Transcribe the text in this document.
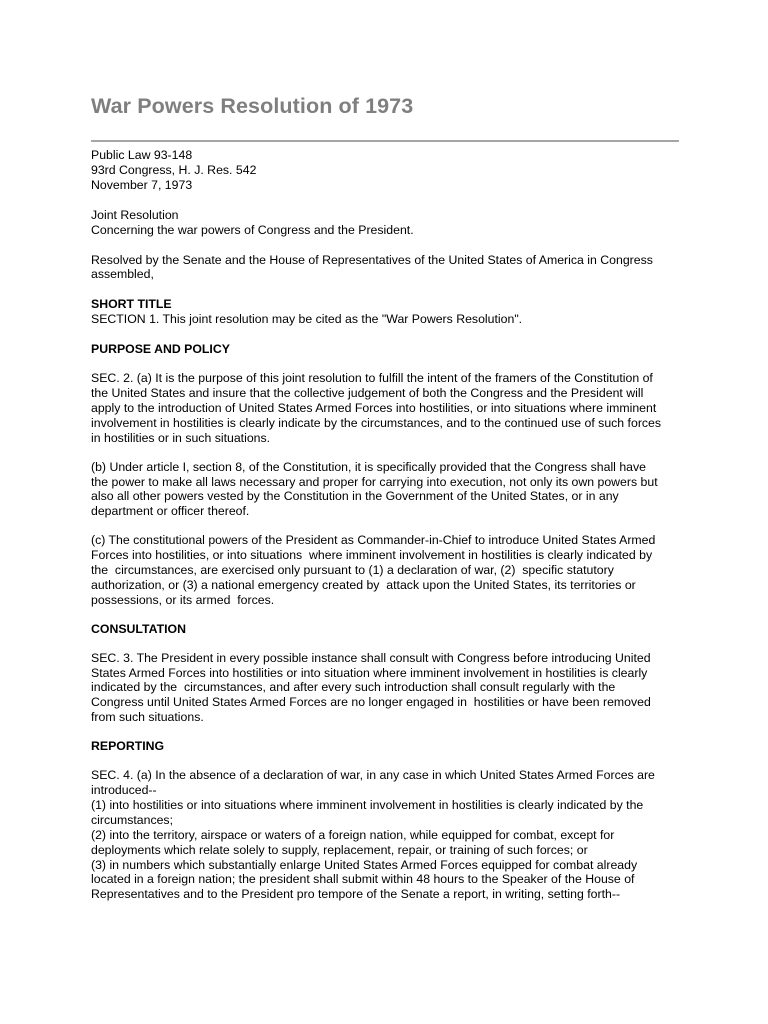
War Powers Resolution of 1973

Public Law 93-148
93rd Congress, H. J. Res. 542
November 7, 1973

Joint Resolution
Concerning the war powers of Congress and the President.

Resolved by the Senate and the House of Representatives of the United States of America in Congress
assembled,

SHORT TITLE

SECTION 1. This joint resolution may be cited as the "War Powers Resolution".

PURPOSE AND POLICY

SEC. 2. (a) It is the purpose of this joint resolution to fulfill the intent of the framers of the Constitution of
the United States and insure that the collective judgement of both the Congress and the President will
apply to the introduction of United States Armed Forces into hostilities, or into situations where imminent
involvement in hostilities is clearly indicate by the circumstances, and to the continued use of such forces
in hostilities or in such situations.

(b) Under article I, section 8, of the Constitution, it is specifically provided that the Congress shall have
the power to make all laws necessary and proper for carrying into execution, not only its own powers but
also all other powers vested by the Constitution in the Government of the United States, or in any
department or officer thereof.

(c) The constitutional powers of the President as Commander-in-Chief to introduce United States Armed
Forces into hostilities, or into situations  where imminent involvement in hostilities is clearly indicated by
the  circumstances, are exercised only pursuant to (1) a declaration of war, (2)  specific statutory
authorization, or (3) a national emergency created by  attack upon the United States, its territories or
possessions, or its armed  forces.

CONSULTATION

SEC. 3. The President in every possible instance shall consult with Congress before introducing United
States Armed Forces into hostilities or into situation where imminent involvement in hostilities is clearly
indicated by the  circumstances, and after every such introduction shall consult regularly with the
Congress until United States Armed Forces are no longer engaged in  hostilities or have been removed
from such situations.

REPORTING

SEC. 4. (a) In the absence of a declaration of war, in any case in which United States Armed Forces are
introduced--
(1) into hostilities or into situations where imminent involvement in hostilities is clearly indicated by the
circumstances;
(2) into the territory, airspace or waters of a foreign nation, while equipped for combat, except for
deployments which relate solely to supply, replacement, repair, or training of such forces; or
(3) in numbers which substantially enlarge United States Armed Forces equipped for combat already
located in a foreign nation; the president shall submit within 48 hours to the Speaker of the House of
Representatives and to the President pro tempore of the Senate a report, in writing, setting forth--
